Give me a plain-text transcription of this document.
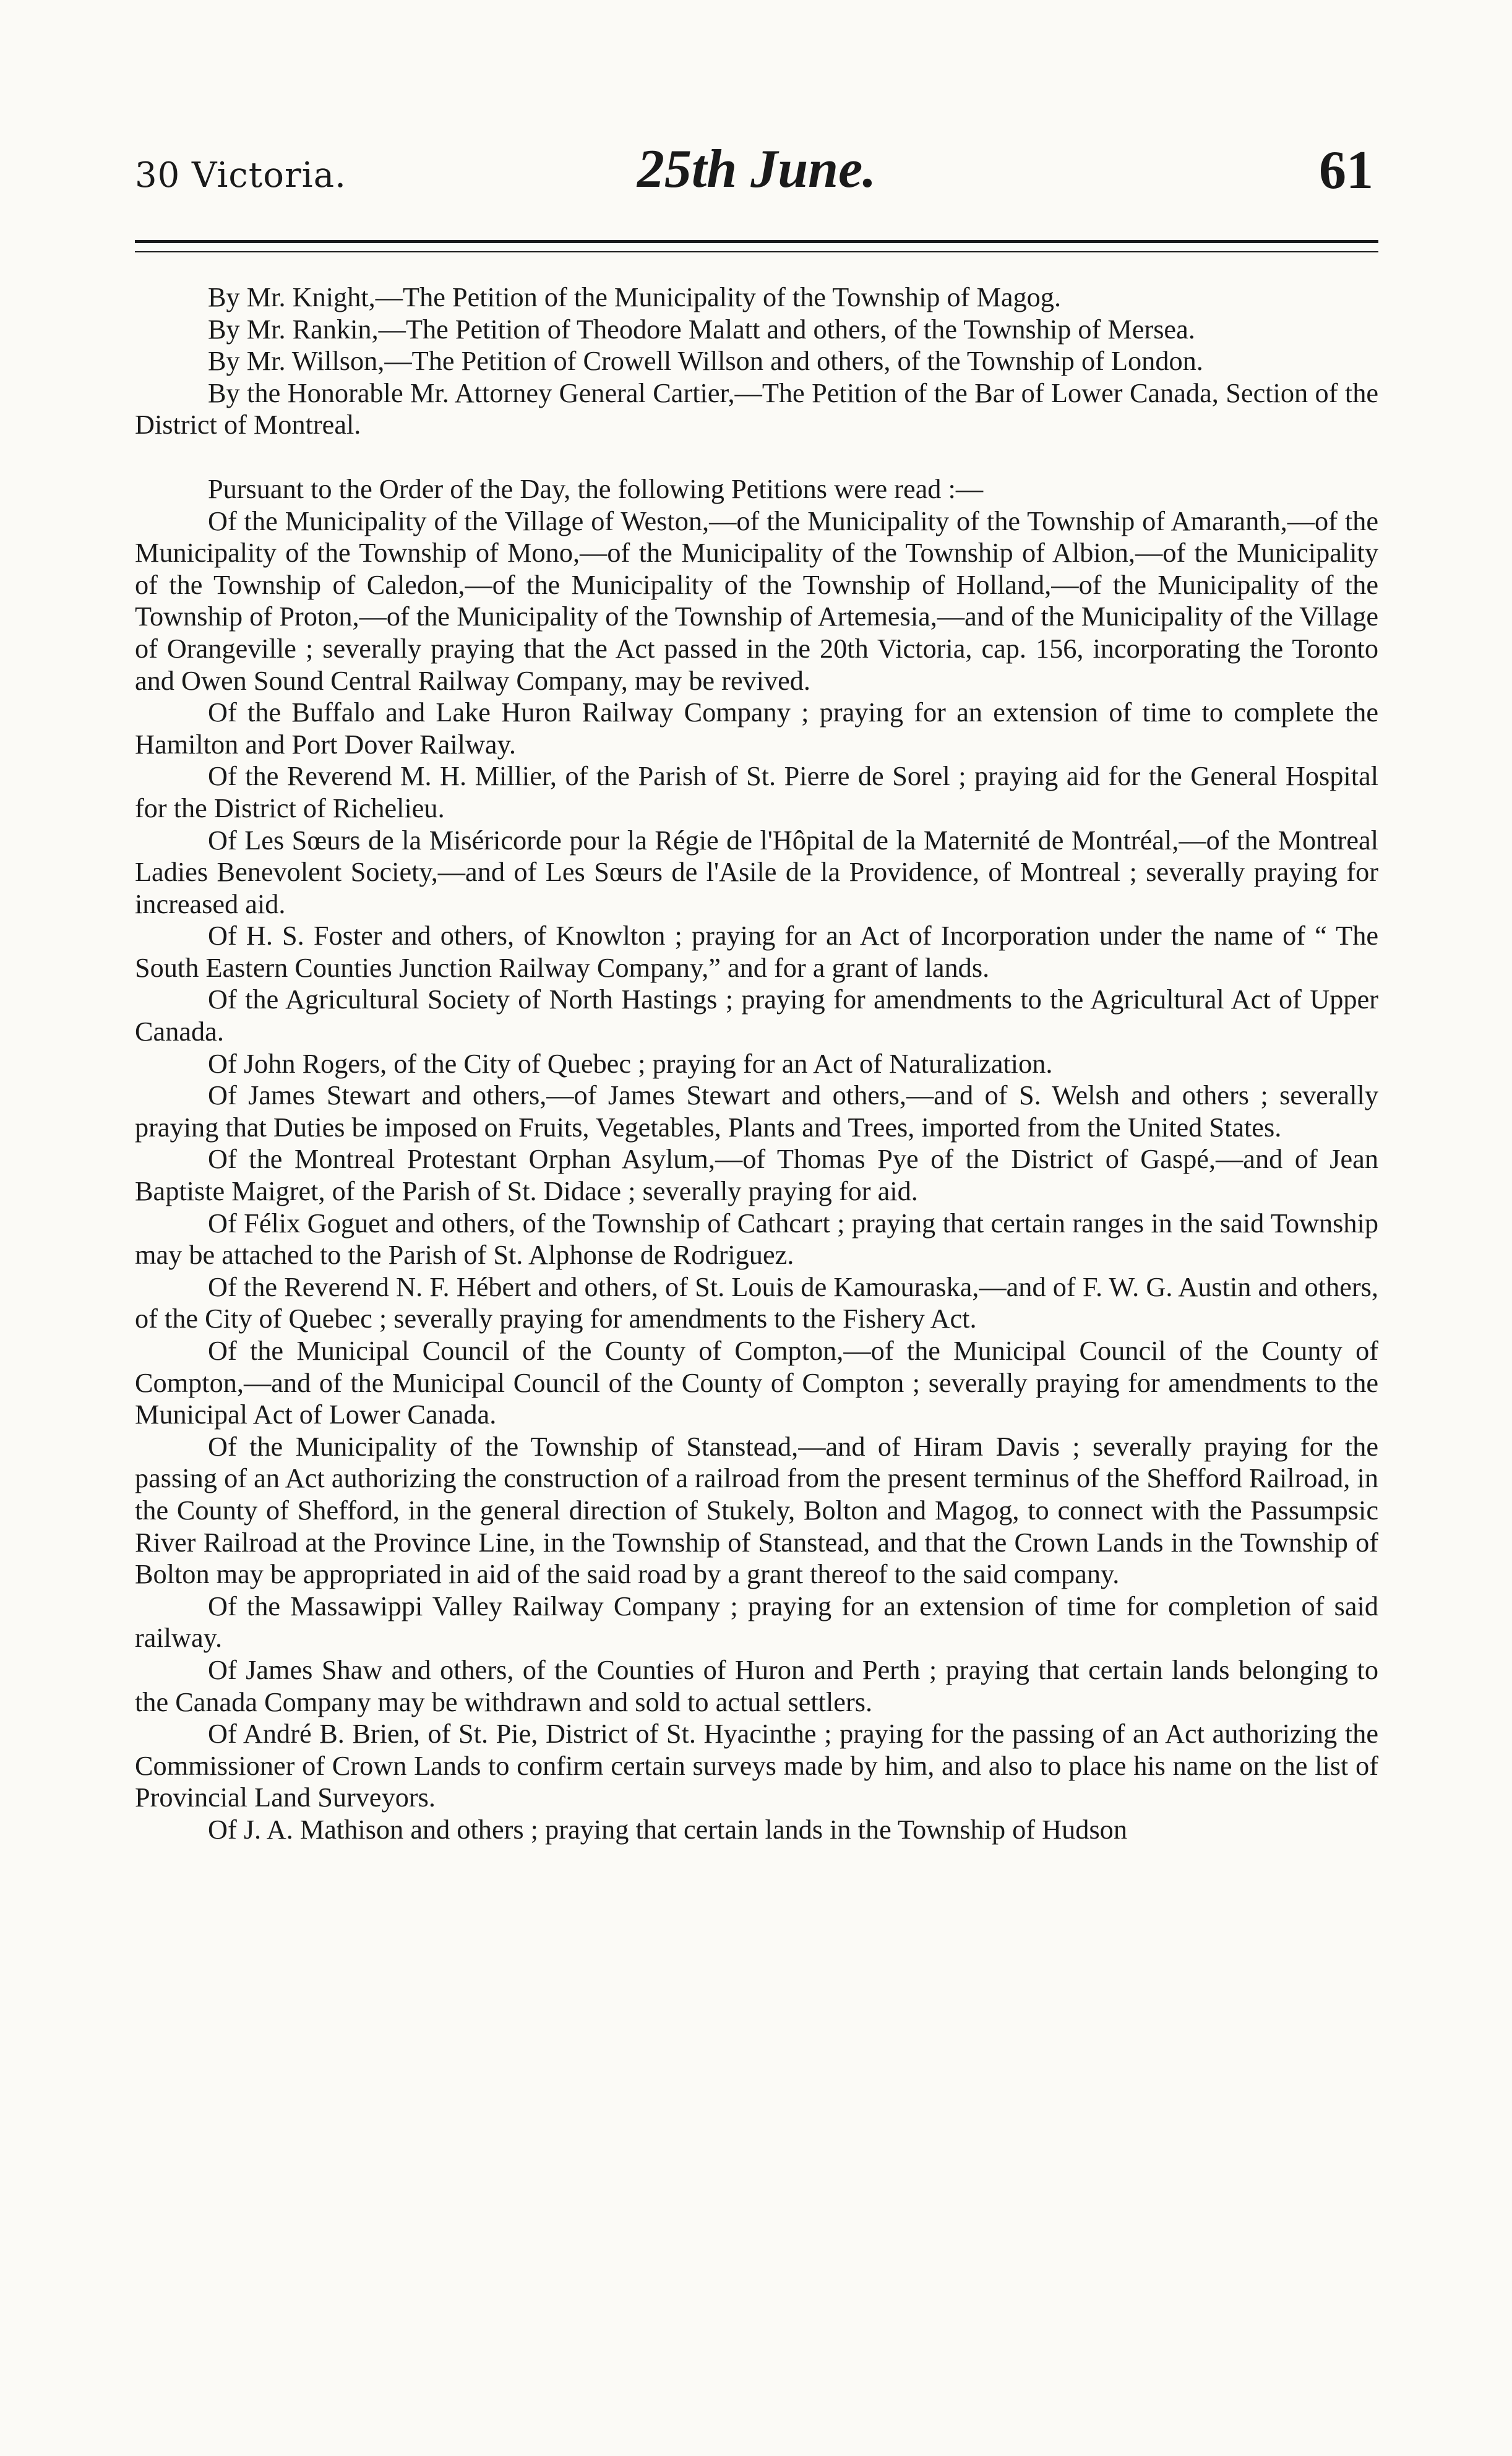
30 Victoria.	25th June.	61

By Mr. Knight,—The Petition of the Municipality of the Township of Magog.

By Mr. Rankin,—The Petition of Theodore Malatt and others, of the Township of Mersea.

By Mr. Willson,—The Petition of Crowell Willson and others, of the Township of London.

By the Honorable Mr. Attorney General Cartier,—The Petition of the Bar of Lower Canada, Section of the District of Montreal.

Pursuant to the Order of the Day, the following Petitions were read :—

Of the Municipality of the Village of Weston,—of the Municipality of the Township of Amaranth,—of the Municipality of the Township of Mono,—of the Municipality of the Township of Albion,—of the Municipality of the Township of Caledon,—of the Municipality of the Township of Holland,—of the Municipality of the Township of Proton,—of the Municipality of the Township of Artemesia,—and of the Municipality of the Village of Orangeville ; severally praying that the Act passed in the 20th Victoria, cap. 156, incorporating the Toronto and Owen Sound Central Railway Company, may be revived.

Of the Buffalo and Lake Huron Railway Company ; praying for an extension of time to complete the Hamilton and Port Dover Railway.

Of the Reverend M. H. Millier, of the Parish of St. Pierre de Sorel ; praying aid for the General Hospital for the District of Richelieu.

Of Les Sœurs de la Miséricorde pour la Régie de l'Hôpital de la Maternité de Montréal,—of the Montreal Ladies Benevolent Society,—and of Les Sœurs de l'Asile de la Providence, of Montreal ; severally praying for increased aid.

Of H. S. Foster and others, of Knowlton ; praying for an Act of Incorporation under the name of “ The South Eastern Counties Junction Railway Company,” and for a grant of lands.

Of the Agricultural Society of North Hastings ; praying for amendments to the Agricultural Act of Upper Canada.

Of John Rogers, of the City of Quebec ; praying for an Act of Naturalization.

Of James Stewart and others,—of James Stewart and others,—and of S. Welsh and others ; severally praying that Duties be imposed on Fruits, Vegetables, Plants and Trees, imported from the United States.

Of the Montreal Protestant Orphan Asylum,—of Thomas Pye of the District of Gaspé,—and of Jean Baptiste Maigret, of the Parish of St. Didace ; severally praying for aid.

Of Félix Goguet and others, of the Township of Cathcart ; praying that certain ranges in the said Township may be attached to the Parish of St. Alphonse de Rodriguez.

Of the Reverend N. F. Hébert and others, of St. Louis de Kamouraska,—and of F. W. G. Austin and others, of the City of Quebec ; severally praying for amendments to the Fishery Act.

Of the Municipal Council of the County of Compton,—of the Municipal Council of the County of Compton,—and of the Municipal Council of the County of Compton ; severally praying for amendments to the Municipal Act of Lower Canada.

Of the Municipality of the Township of Stanstead,—and of Hiram Davis ; severally praying for the passing of an Act authorizing the construction of a railroad from the present terminus of the Shefford Railroad, in the County of Shefford, in the general direction of Stukely, Bolton and Magog, to connect with the Passumpsic River Railroad at the Province Line, in the Township of Stanstead, and that the Crown Lands in the Township of Bolton may be appropriated in aid of the said road by a grant thereof to the said company.

Of the Massawippi Valley Railway Company ; praying for an extension of time for completion of said railway.

Of James Shaw and others, of the Counties of Huron and Perth ; praying that certain lands belonging to the Canada Company may be withdrawn and sold to actual settlers.

Of André B. Brien, of St. Pie, District of St. Hyacinthe ; praying for the passing of an Act authorizing the Commissioner of Crown Lands to confirm certain surveys made by him, and also to place his name on the list of Provincial Land Surveyors.

Of J. A. Mathison and others ; praying that certain lands in the Township of Hudson
